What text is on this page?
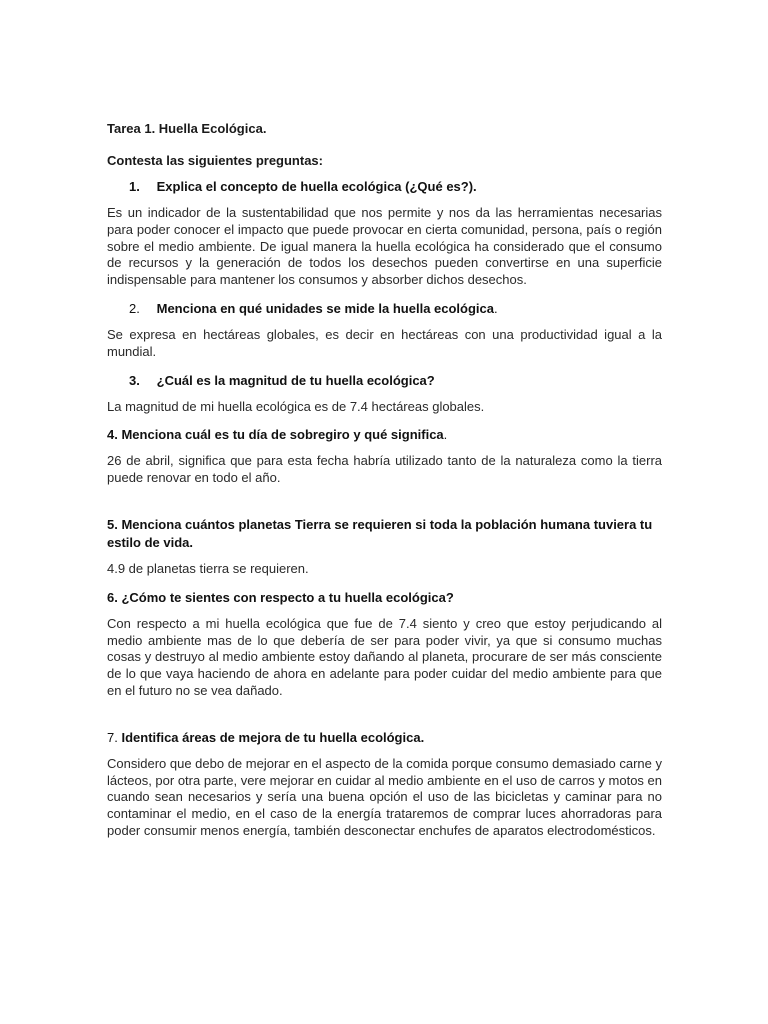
Tarea 1. Huella Ecológica.

Contesta las siguientes preguntas:

1. Explica el concepto de huella ecológica (¿Qué es?).

Es un indicador de la sustentabilidad que nos permite y nos da las herramientas necesarias para poder conocer el impacto que puede provocar en cierta comunidad, persona, país o región sobre el medio ambiente. De igual manera la huella ecológica ha considerado que el consumo de recursos y la generación de todos los desechos pueden convertirse en una superficie indispensable para mantener los consumos y absorber dichos desechos.

2. Menciona en qué unidades se mide la huella ecológica.

Se expresa en hectáreas globales, es decir en hectáreas con una productividad igual a la mundial.

3. ¿Cuál es la magnitud de tu huella ecológica?

La magnitud de mi huella ecológica es de 7.4 hectáreas globales.

4. Menciona cuál es tu día de sobregiro y qué significa.

26 de abril, significa que para esta fecha habría utilizado tanto de la naturaleza como la tierra puede renovar en todo el año.

5. Menciona cuántos planetas Tierra se requieren si toda la población humana tuviera tu estilo de vida.

4.9 de planetas tierra se requieren.

6. ¿Cómo te sientes con respecto a tu huella ecológica?

Con respecto a mi huella ecológica que fue de 7.4 siento y creo que estoy perjudicando al medio ambiente mas de lo que debería de ser para poder vivir, ya que si consumo muchas cosas y destruyo al medio ambiente estoy dañando al planeta, procurare de ser más consciente de lo que vaya haciendo de ahora en adelante para poder cuidar del medio ambiente para que en el futuro no se vea dañado.

7. Identifica áreas de mejora de tu huella ecológica.

Considero que debo de mejorar en el aspecto de la comida porque consumo demasiado carne y lácteos, por otra parte, vere mejorar en cuidar al medio ambiente en el uso de carros y motos en cuando sean necesarios y sería una buena opción el uso de las bicicletas y caminar para no contaminar el medio, en el caso de la energía trataremos de comprar luces ahorradoras para poder consumir menos energía, también desconectar enchufes de aparatos electrodomésticos.
